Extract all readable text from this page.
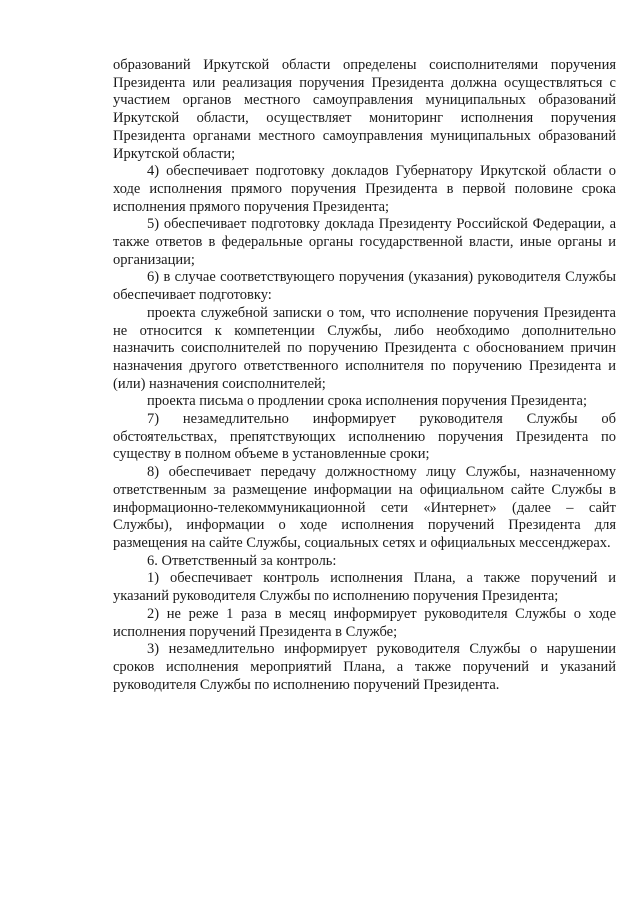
образований Иркутской области определены соисполнителями поручения Президента или реализация поручения Президента должна осуществляться с участием органов местного самоуправления муниципальных образований Иркутской области, осуществляет мониторинг исполнения поручения Президента органами местного самоуправления муниципальных образований Иркутской области;

4) обеспечивает подготовку докладов Губернатору Иркутской области о ходе исполнения прямого поручения Президента в первой половине срока исполнения прямого поручения Президента;

5) обеспечивает подготовку доклада Президенту Российской Федерации, а также ответов в федеральные органы государственной власти, иные органы и организации;

6) в случае соответствующего поручения (указания) руководителя Службы обеспечивает подготовку:

проекта служебной записки о том, что исполнение поручения Президента не относится к компетенции Службы, либо необходимо дополнительно назначить соисполнителей по поручению Президента с обоснованием причин назначения другого ответственного исполнителя по поручению Президента и (или) назначения соисполнителей;

проекта письма о продлении срока исполнения поручения Президента;

7) незамедлительно информирует руководителя Службы об обстоятельствах, препятствующих исполнению поручения Президента по существу в полном объеме в установленные сроки;

8) обеспечивает передачу должностному лицу Службы, назначенному ответственным за размещение информации на официальном сайте Службы в информационно-телекоммуникационной сети «Интернет» (далее – сайт Службы), информации о ходе исполнения поручений Президента для размещения на сайте Службы, социальных сетях и официальных мессенджерах.

6. Ответственный за контроль:

1) обеспечивает контроль исполнения Плана, а также поручений и указаний руководителя Службы по исполнению поручения Президента;

2) не реже 1 раза в месяц информирует руководителя Службы о ходе исполнения поручений Президента в Службе;

3) незамедлительно информирует руководителя Службы о нарушении сроков исполнения мероприятий Плана, а также поручений и указаний руководителя Службы по исполнению поручений Президента.
